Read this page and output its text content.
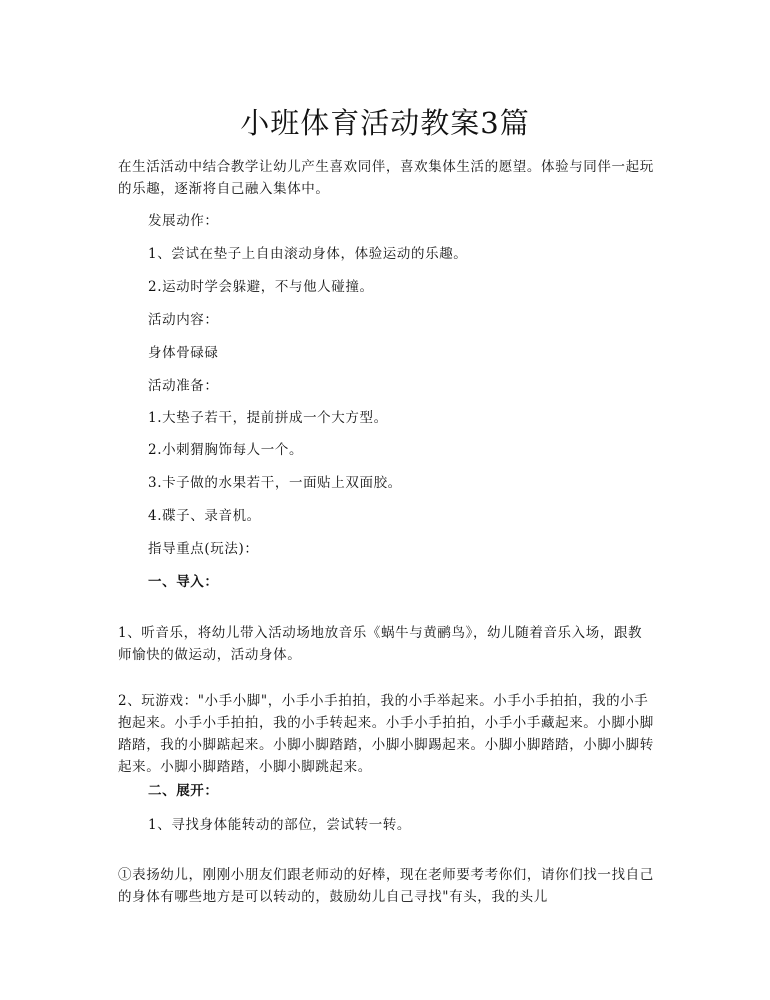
小班体育活动教案3篇

在生活活动中结合教学让幼儿产生喜欢同伴，喜欢集体生活的愿望。体验与同伴一起玩的乐趣，逐渐将自己融入集体中。

发展动作：

1、尝试在垫子上自由滚动身体，体验运动的乐趣。

2.运动时学会躲避，不与他人碰撞。

活动内容：

身体骨碌碌

活动准备：

1.大垫子若干，提前拼成一个大方型。

2.小刺猬胸饰每人一个。

3.卡子做的水果若干，一面贴上双面胶。

4.碟子、录音机。

指导重点(玩法)：

一、导入：

1、听音乐，将幼儿带入活动场地放音乐《蜗牛与黄鹂鸟》，幼儿随着音乐入场，跟教师愉快的做运动，活动身体。

2、玩游戏："小手小脚"，小手小手拍拍，我的小手举起来。小手小手拍拍，我的小手抱起来。小手小手拍拍，我的小手转起来。小手小手拍拍，小手小手藏起来。小脚小脚踏踏，我的小脚踮起来。小脚小脚踏踏，小脚小脚踢起来。小脚小脚踏踏，小脚小脚转起来。小脚小脚踏踏，小脚小脚跳起来。

二、展开：

1、寻找身体能转动的部位，尝试转一转。

①表扬幼儿，刚刚小朋友们跟老师动的好棒，现在老师要考考你们，请你们找一找自己的身体有哪些地方是可以转动的，鼓励幼儿自己寻找"有头，我的头儿
